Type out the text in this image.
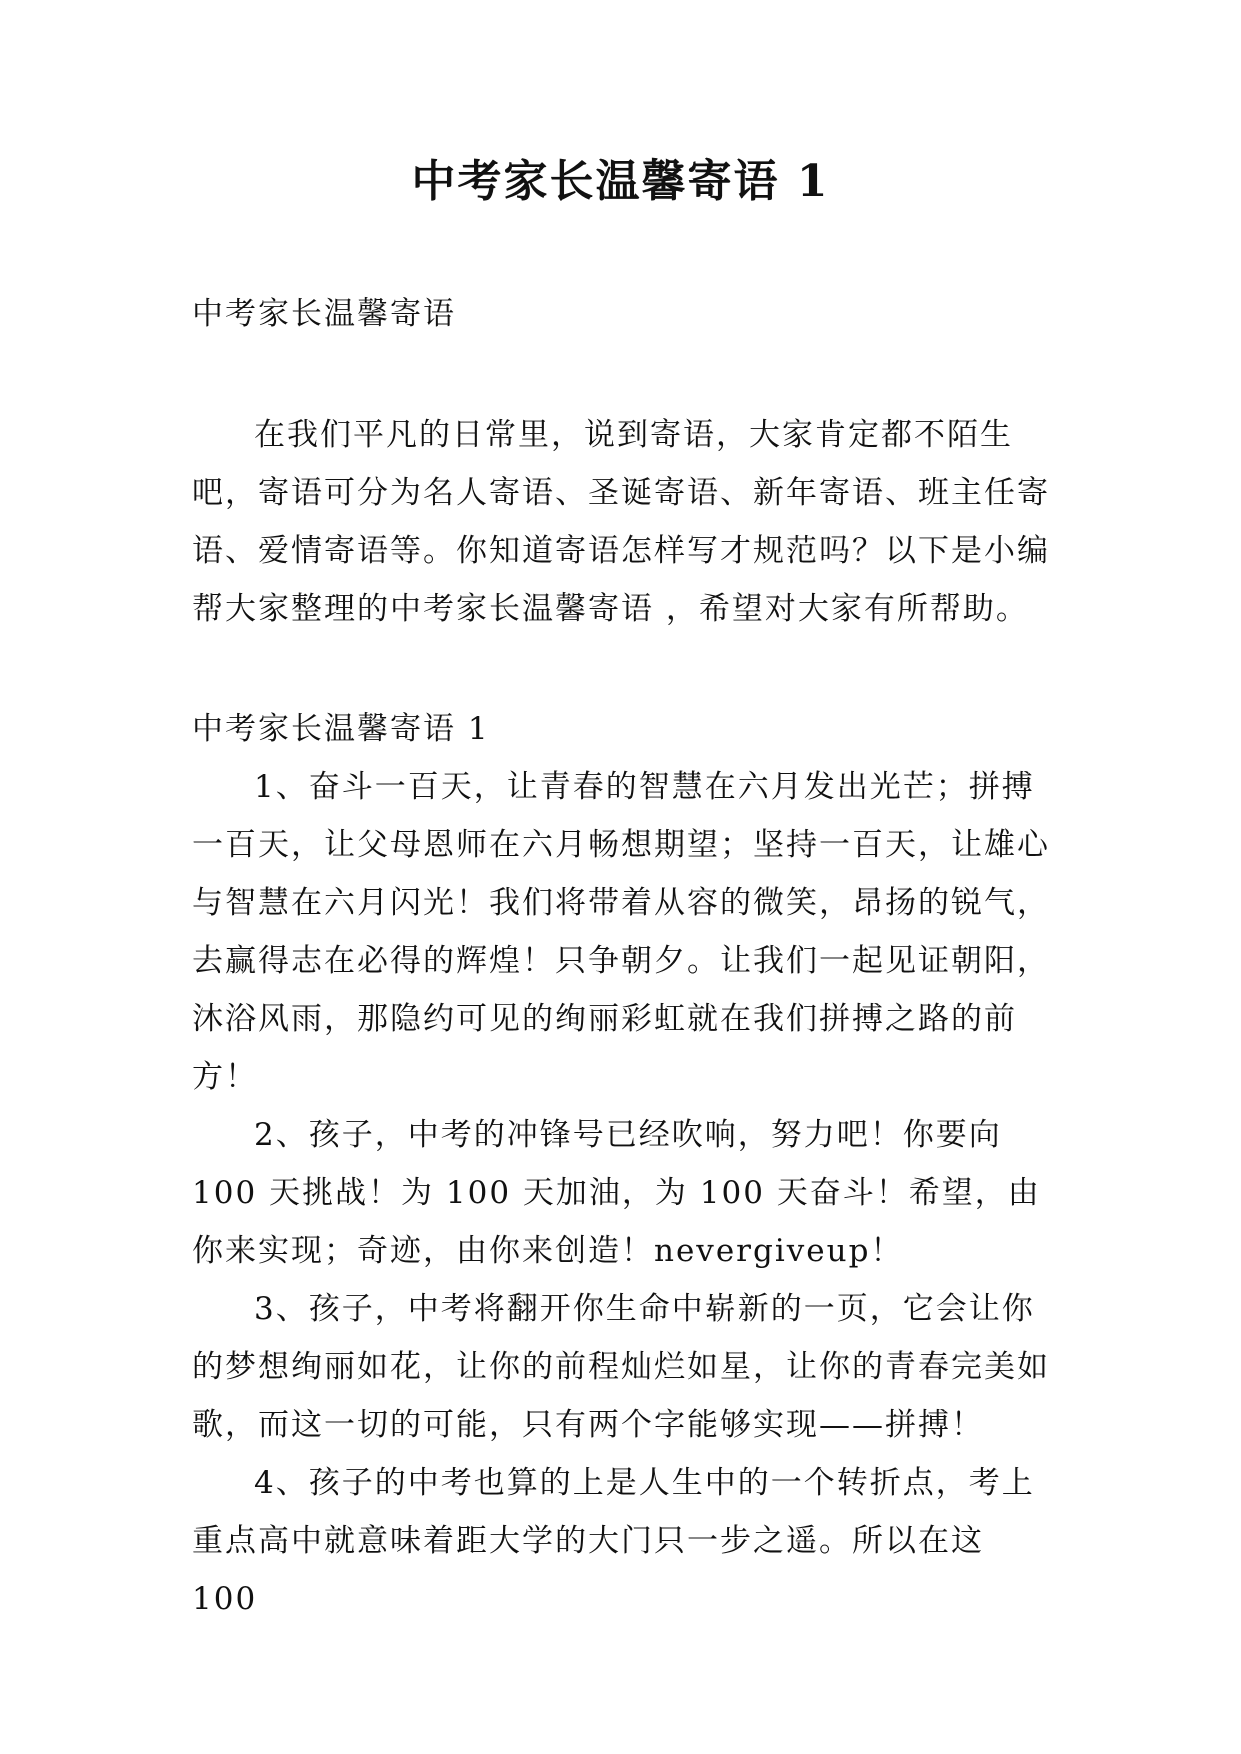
中考家长温馨寄语 1
中考家长温馨寄语

在我们平凡的日常里，说到寄语，大家肯定都不陌生吧，寄语可分为名人寄语、圣诞寄语、新年寄语、班主任寄语、爱情寄语等。你知道寄语怎样写才规范吗？以下是小编帮大家整理的中考家长温馨寄语 ，希望对大家有所帮助。

中考家长温馨寄语 1

1、奋斗一百天，让青春的智慧在六月发出光芒；拼搏一百天，让父母恩师在六月畅想期望；坚持一百天，让雄心与智慧在六月闪光！我们将带着从容的微笑，昂扬的锐气，去赢得志在必得的辉煌！只争朝夕。让我们一起见证朝阳，沐浴风雨，那隐约可见的绚丽彩虹就在我们拼搏之路的前方！

2、孩子，中考的冲锋号已经吹响，努力吧！你要向 100 天挑战！为 100 天加油，为 100 天奋斗！希望，由你来实现；奇迹，由你来创造！nevergiveup！

3、孩子，中考将翻开你生命中崭新的一页，它会让你的梦想绚丽如花，让你的前程灿烂如星，让你的青春完美如歌，而这一切的可能，只有两个字能够实现——拼搏！

4、孩子的中考也算的上是人生中的一个转折点，考上重点高中就意味着距大学的大门只一步之遥。所以在这 100
